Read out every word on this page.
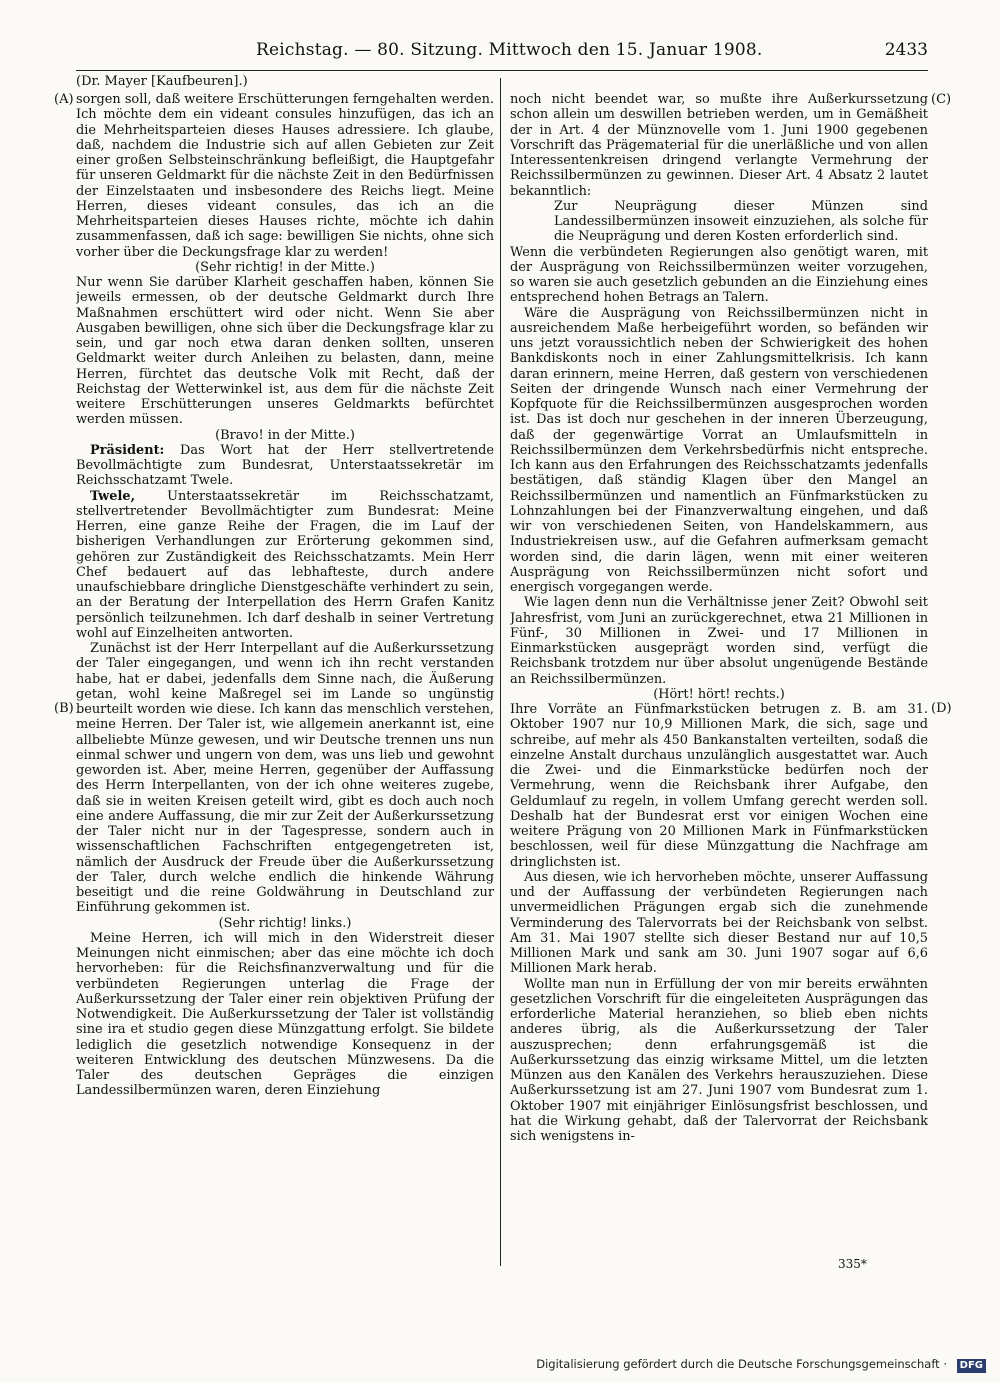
Reichstag. — 80. Sitzung. Mittwoch den 15. Januar 1908.	2433
(Dr. Mayer [Kaufbeuren].)
(A)
(B)
(C)
(D)

sorgen soll, daß weitere Erschütterungen ferngehalten werden. Ich möchte dem ein videant consules hinzufügen, das ich an die Mehrheitsparteien dieses Hauses adressiere. Ich glaube, daß, nachdem die Industrie sich auf allen Gebieten zur Zeit einer großen Selbsteinschränkung befleißigt, die Hauptgefahr für unseren Geldmarkt für die nächste Zeit in den Bedürfnissen der Einzelstaaten und insbesondere des Reichs liegt. Meine Herren, dieses videant consules, das ich an die Mehrheitsparteien dieses Hauses richte, möchte ich dahin zusammenfassen, daß ich sage: bewilligen Sie nichts, ohne sich vorher über die Deckungsfrage klar zu werden!

(Sehr richtig! in der Mitte.)

Nur wenn Sie darüber Klarheit geschaffen haben, können Sie jeweils ermessen, ob der deutsche Geldmarkt durch Ihre Maßnahmen erschüttert wird oder nicht. Wenn Sie aber Ausgaben bewilligen, ohne sich über die Deckungsfrage klar zu sein, und gar noch etwa daran denken sollten, unseren Geldmarkt weiter durch Anleihen zu belasten, dann, meine Herren, fürchtet das deutsche Volk mit Recht, daß der Reichstag der Wetterwinkel ist, aus dem für die nächste Zeit weitere Erschütterungen unseres Geldmarkts befürchtet werden müssen.

(Bravo! in der Mitte.)

Präsident: Das Wort hat der Herr stellvertretende Bevollmächtigte zum Bundesrat, Unterstaatssekretär im Reichsschatzamt Twele.

Twele, Unterstaatssekretär im Reichsschatzamt, stellvertretender Bevollmächtigter zum Bundesrat: Meine Herren, eine ganze Reihe der Fragen, die im Lauf der bisherigen Verhandlungen zur Erörterung gekommen sind, gehören zur Zuständigkeit des Reichsschatzamts. Mein Herr Chef bedauert auf das lebhafteste, durch andere unaufschiebbare dringliche Dienstgeschäfte verhindert zu sein, an der Beratung der Interpellation des Herrn Grafen Kanitz persönlich teilzunehmen. Ich darf deshalb in seiner Vertretung wohl auf Einzelheiten antworten.

Zunächst ist der Herr Interpellant auf die Außerkurssetzung der Taler eingegangen, und wenn ich ihn recht verstanden habe, hat er dabei, jedenfalls dem Sinne nach, die Äußerung getan, wohl keine Maßregel sei im Lande so ungünstig beurteilt worden wie diese. Ich kann das menschlich verstehen, meine Herren. Der Taler ist, wie allgemein anerkannt ist, eine allbeliebte Münze gewesen, und wir Deutsche trennen uns nun einmal schwer und ungern von dem, was uns lieb und gewohnt geworden ist. Aber, meine Herren, gegenüber der Auffassung des Herrn Interpellanten, von der ich ohne weiteres zugebe, daß sie in weiten Kreisen geteilt wird, gibt es doch auch noch eine andere Auffassung, die mir zur Zeit der Außerkurssetzung der Taler nicht nur in der Tagespresse, sondern auch in wissenschaftlichen Fachschriften entgegengetreten ist, nämlich der Ausdruck der Freude über die Außerkurssetzung der Taler, durch welche endlich die hinkende Währung beseitigt und die reine Goldwährung in Deutschland zur Einführung gekommen ist.

(Sehr richtig! links.)

Meine Herren, ich will mich in den Widerstreit dieser Meinungen nicht einmischen; aber das eine möchte ich doch hervorheben: für die Reichsfinanzverwaltung und für die verbündeten Regierungen unterlag die Frage der Außerkurssetzung der Taler einer rein objektiven Prüfung der Notwendigkeit. Die Außerkurssetzung der Taler ist vollständig sine ira et studio gegen diese Münzgattung erfolgt. Sie bildete lediglich die gesetzlich notwendige Konsequenz in der weiteren Entwicklung des deutschen Münzwesens. Da die Taler des deutschen Gepräges die einzigen Landessilbermünzen waren, deren Einziehung

noch nicht beendet war, so mußte ihre Außerkurssetzung schon allein um deswillen betrieben werden, um in Gemäßheit der in Art. 4 der Münznovelle vom 1. Juni 1900 gegebenen Vorschrift das Prägematerial für die unerläßliche und von allen Interessentenkreisen dringend verlangte Vermehrung der Reichssilbermünzen zu gewinnen. Dieser Art. 4 Absatz 2 lautet bekanntlich:

Zur Neuprägung dieser Münzen sind Landessilbermünzen insoweit einzuziehen, als solche für die Neuprägung und deren Kosten erforderlich sind.

Wenn die verbündeten Regierungen also genötigt waren, mit der Ausprägung von Reichssilbermünzen weiter vorzugehen, so waren sie auch gesetzlich gebunden an die Einziehung eines entsprechend hohen Betrags an Talern.

Wäre die Ausprägung von Reichssilbermünzen nicht in ausreichendem Maße herbeigeführt worden, so befänden wir uns jetzt voraussichtlich neben der Schwierigkeit des hohen Bankdiskonts noch in einer Zahlungsmittelkrisis. Ich kann daran erinnern, meine Herren, daß gestern von verschiedenen Seiten der dringende Wunsch nach einer Vermehrung der Kopfquote für die Reichssilbermünzen ausgesprochen worden ist. Das ist doch nur geschehen in der inneren Überzeugung, daß der gegenwärtige Vorrat an Umlaufsmitteln in Reichssilbermünzen dem Verkehrsbedürfnis nicht entspreche. Ich kann aus den Erfahrungen des Reichsschatzamts jedenfalls bestätigen, daß ständig Klagen über den Mangel an Reichssilbermünzen und namentlich an Fünfmarkstücken zu Lohnzahlungen bei der Finanzverwaltung eingehen, und daß wir von verschiedenen Seiten, von Handelskammern, aus Industriekreisen usw., auf die Gefahren aufmerksam gemacht worden sind, die darin lägen, wenn mit einer weiteren Ausprägung von Reichssilbermünzen nicht sofort und energisch vorgegangen werde.

Wie lagen denn nun die Verhältnisse jener Zeit? Obwohl seit Jahresfrist, vom Juni an zurückgerechnet, etwa 21 Millionen in Fünf-, 30 Millionen in Zwei- und 17 Millionen in Einmarkstücken ausgeprägt worden sind, verfügt die Reichsbank trotzdem nur über absolut ungenügende Bestände an Reichssilbermünzen.

(Hört! hört! rechts.)

Ihre Vorräte an Fünfmarkstücken betrugen z. B. am 31. Oktober 1907 nur 10,9 Millionen Mark, die sich, sage und schreibe, auf mehr als 450 Bankanstalten verteilten, sodaß die einzelne Anstalt durchaus unzulänglich ausgestattet war. Auch die Zwei- und die Einmarkstücke bedürfen noch der Vermehrung, wenn die Reichsbank ihrer Aufgabe, den Geldumlauf zu regeln, in vollem Umfang gerecht werden soll. Deshalb hat der Bundesrat erst vor einigen Wochen eine weitere Prägung von 20 Millionen Mark in Fünfmarkstücken beschlossen, weil für diese Münzgattung die Nachfrage am dringlichsten ist.

Aus diesen, wie ich hervorheben möchte, unserer Auffassung und der Auffassung der verbündeten Regierungen nach unvermeidlichen Prägungen ergab sich die zunehmende Verminderung des Talervorrats bei der Reichsbank von selbst. Am 31. Mai 1907 stellte sich dieser Bestand nur auf 10,5 Millionen Mark und sank am 30. Juni 1907 sogar auf 6,6 Millionen Mark herab.

Wollte man nun in Erfüllung der von mir bereits erwähnten gesetzlichen Vorschrift für die eingeleiteten Ausprägungen das erforderliche Material heranziehen, so blieb eben nichts anderes übrig, als die Außerkurssetzung der Taler auszusprechen; denn erfahrungsgemäß ist die Außerkurssetzung das einzig wirksame Mittel, um die letzten Münzen aus den Kanälen des Verkehrs herauszuziehen. Diese Außerkurssetzung ist am 27. Juni 1907 vom Bundesrat zum 1. Oktober 1907 mit einjähriger Einlösungsfrist beschlossen, und hat die Wirkung gehabt, daß der Talervorrat der Reichsbank sich wenigstens in-

335*
Digitalisierung gefördert durch die Deutsche Forschungsgemeinschaft · DFG
